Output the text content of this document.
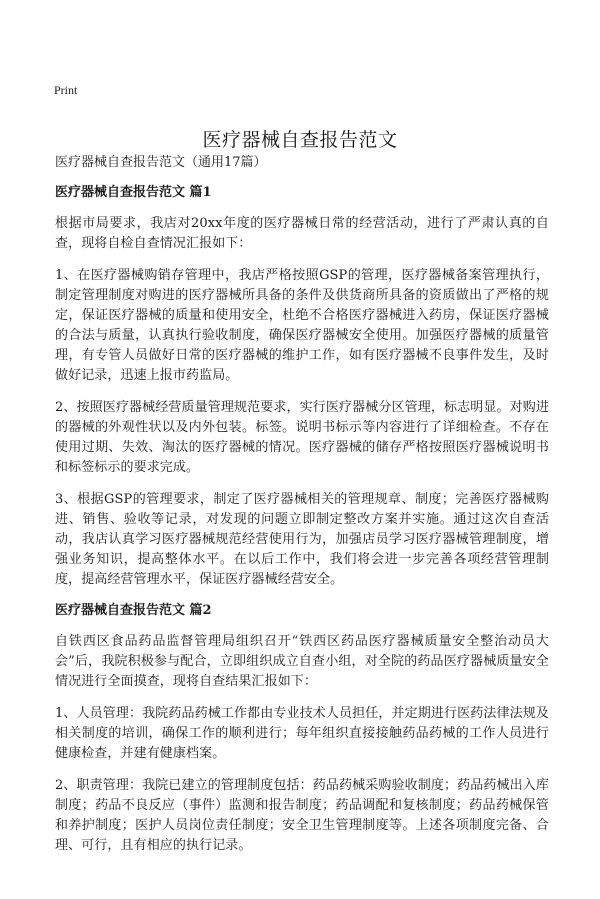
Print
医疗器械自查报告范文

医疗器械自查报告范文（通用17篇）

医疗器械自查报告范文 篇1

根据市局要求，我店对20xx年度的医疗器械日常的经营活动，进行了严肃认真的自查，现将自检自查情况汇报如下：

1、在医疗器械购销存管理中，我店严格按照GSP的管理，医疗器械备案管理执行，制定管理制度对购进的医疗器械所具备的条件及供货商所具备的资质做出了严格的规定，保证医疗器械的质量和使用安全，杜绝不合格医疗器械进入药房，保证医疗器械的合法与质量，认真执行验收制度，确保医疗器械安全使用。加强医疗器械的质量管理，有专管人员做好日常的医疗器械的维护工作，如有医疗器械不良事件发生，及时做好记录，迅速上报市药监局。

2、按照医疗器械经营质量管理规范要求，实行医疗器械分区管理，标志明显。对购进的器械的外观性状以及内外包装。标签。说明书标示等内容进行了详细检查。不存在使用过期、失效、淘汰的医疗器械的情况。医疗器械的储存严格按照医疗器械说明书和标签标示的要求完成。

3、根据GSP的管理要求，制定了医疗器械相关的管理规章、制度；完善医疗器械购进、销售、验收等记录，对发现的问题立即制定整改方案并实施。通过这次自查活动，我店认真学习医疗器械规范经营使用行为，加强店员学习医疗器械管理制度，增强业务知识，提高整体水平。在以后工作中，我们将会进一步完善各项经营管理制度，提高经营管理水平，保证医疗器械经营安全。

医疗器械自查报告范文 篇2

自铁西区食品药品监督管理局组织召开“铁西区药品医疗器械质量安全整治动员大会”后，我院积极参与配合，立即组织成立自查小组，对全院的药品医疗器械质量安全情况进行全面摸查，现将自查结果汇报如下：

1、人员管理：我院药品药械工作都由专业技术人员担任，并定期进行医药法律法规及相关制度的培训，确保工作的顺利进行；每年组织直接接触药品药械的工作人员进行健康检查，并建有健康档案。

2、职责管理：我院已建立的管理制度包括：药品药械采购验收制度；药品药械出入库制度；药品不良反应（事件）监测和报告制度；药品调配和复核制度；药品药械保管和养护制度；医护人员岗位责任制度；安全卫生管理制度等。上述各项制度完备、合理、可行，且有相应的执行记录。
